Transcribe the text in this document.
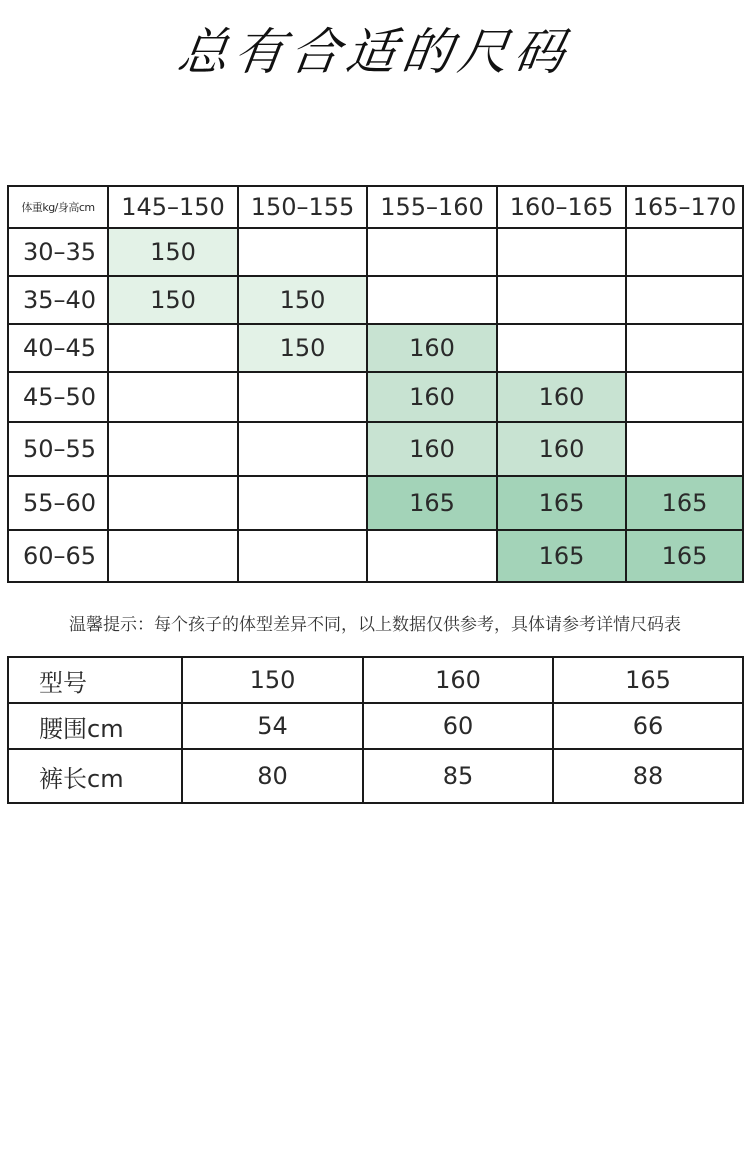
总有合适的尺码
体重kg/身高cm	145–150	150–155	155–160	160–165	165–170
30–35	150				
35–40	150	150			
40–45		150	160		
45–50			160	160	
50–55			160	160	
55–60			165	165	165
60–65				165	165
温馨提示：每个孩子的体型差异不同，以上数据仅供参考，具体请参考详情尺码表
型号	150	160	165
腰围cm	54	60	66
裤长cm	80	85	88
